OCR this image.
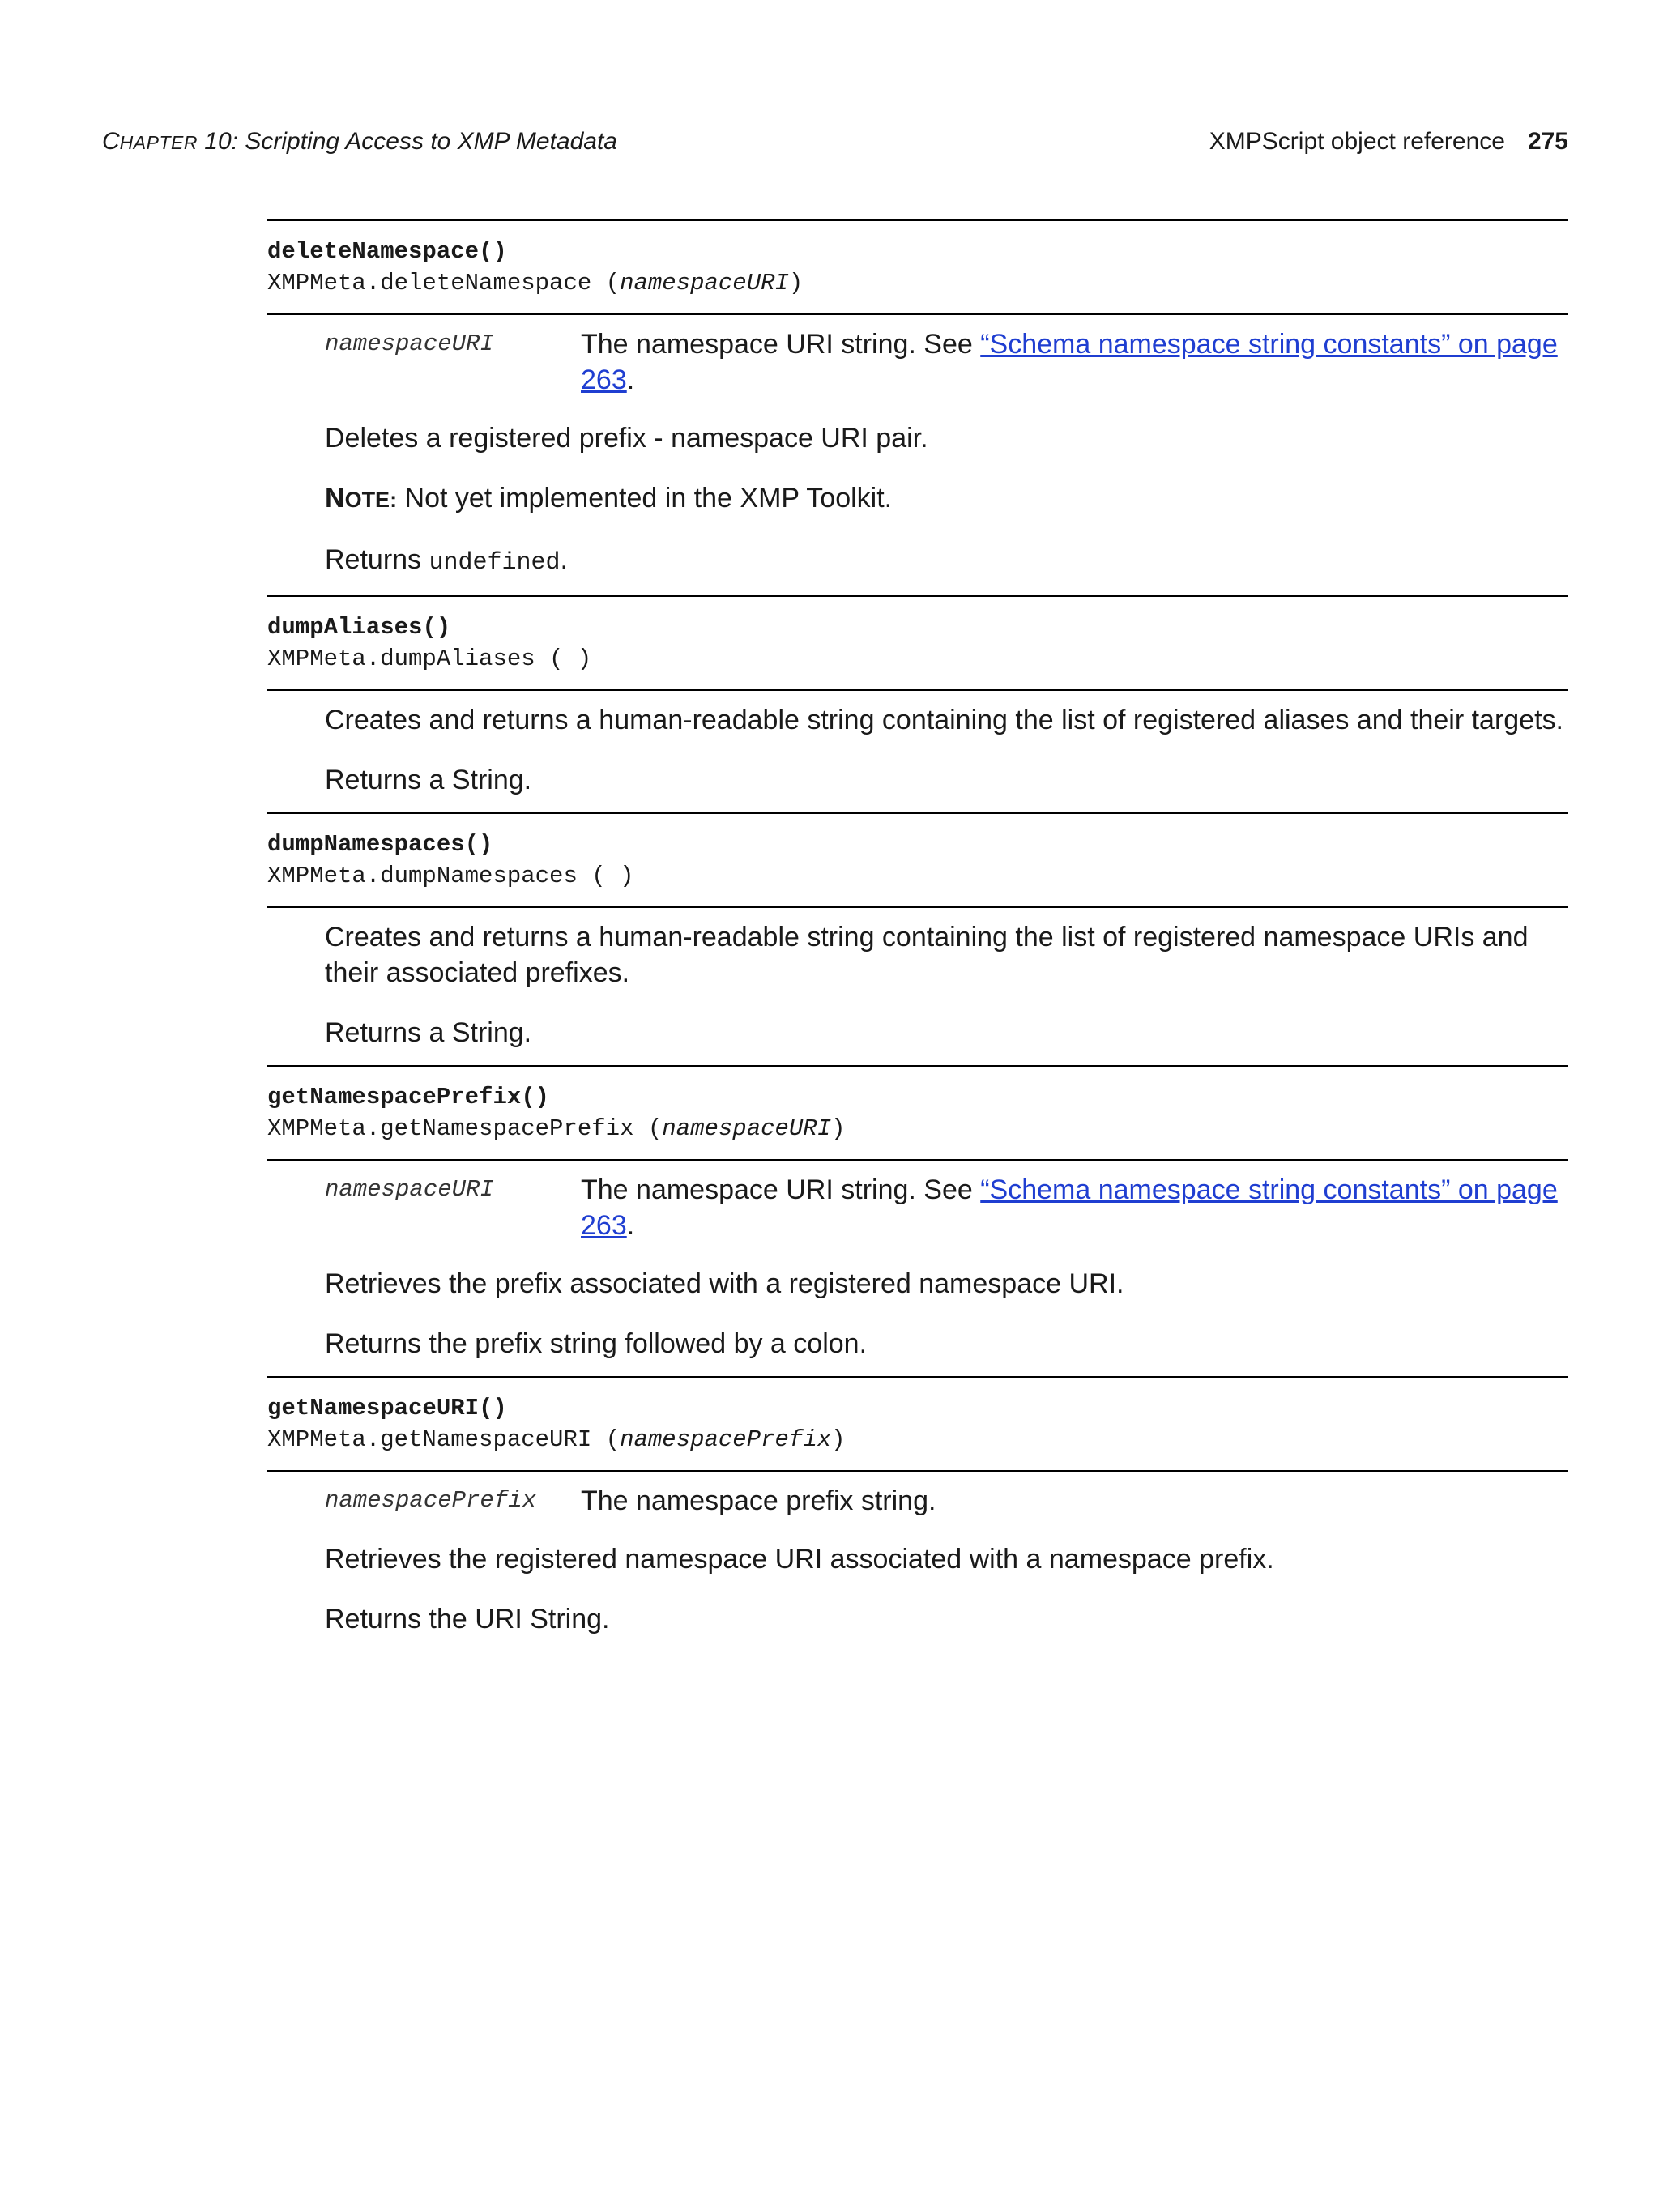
CHAPTER 10: Scripting Access to XMP Metadata	XMPScript object reference 275
deleteNamespace()
XMPMeta.deleteNamespace (namespaceURI)
namespaceURI	The namespace URI string. See “Schema namespace string constants” on page 263.

Deletes a registered prefix - namespace URI pair.

NOTE: Not yet implemented in the XMP Toolkit.

Returns undefined.

dumpAliases()
XMPMeta.dumpAliases ( )

Creates and returns a human-readable string containing the list of registered aliases and their targets.

Returns a String.

dumpNamespaces()
XMPMeta.dumpNamespaces ( )

Creates and returns a human-readable string containing the list of registered namespace URIs and their associated prefixes.

Returns a String.

getNamespacePrefix()
XMPMeta.getNamespacePrefix (namespaceURI)
namespaceURI	The namespace URI string. See “Schema namespace string constants” on page 263.

Retrieves the prefix associated with a registered namespace URI.

Returns the prefix string followed by a colon.

getNamespaceURI()
XMPMeta.getNamespaceURI (namespacePrefix)
namespacePrefix	The namespace prefix string.

Retrieves the registered namespace URI associated with a namespace prefix.

Returns the URI String.
